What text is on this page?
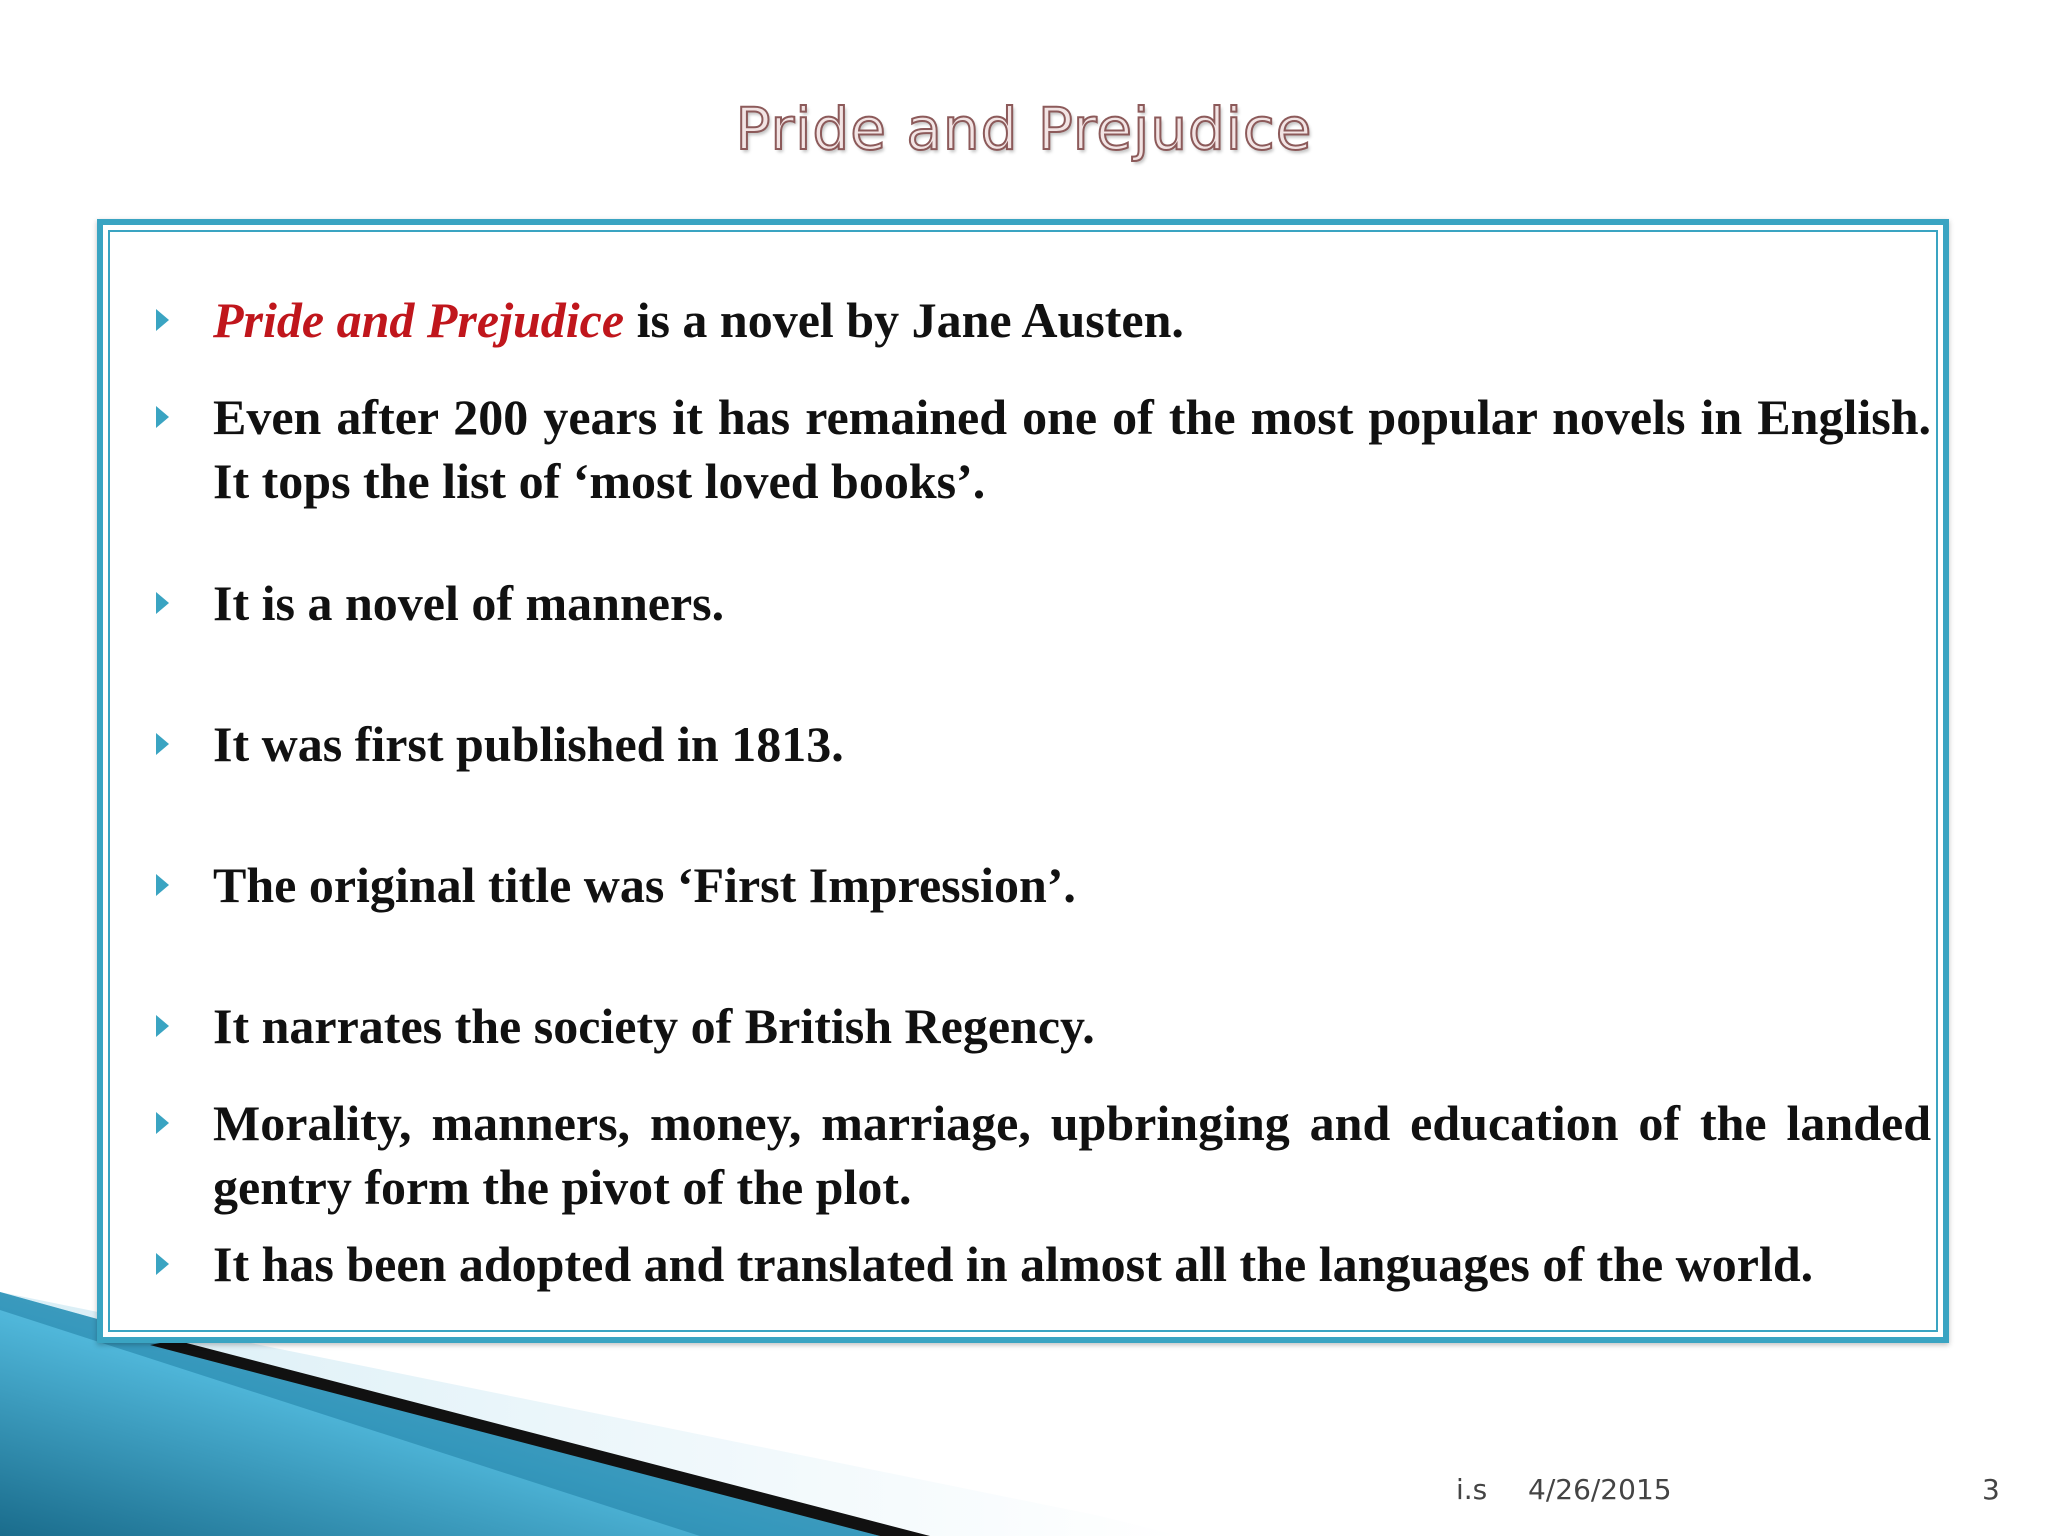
Pride and Prejudice
Pride and Prejudice is a novel by Jane Austen.
Even after 200 years it has remained one of the most popular novels in English. It tops the list of ‘most loved books’.
It is a novel of manners.
It was first published in 1813.
The original title was ‘First Impression’.
It narrates the society of British Regency.
Morality, manners, money, marriage, upbringing and education of the landed gentry form the pivot of the plot.
It has been adopted and translated in almost all the languages of the world.
i.s 4/26/2015	3
